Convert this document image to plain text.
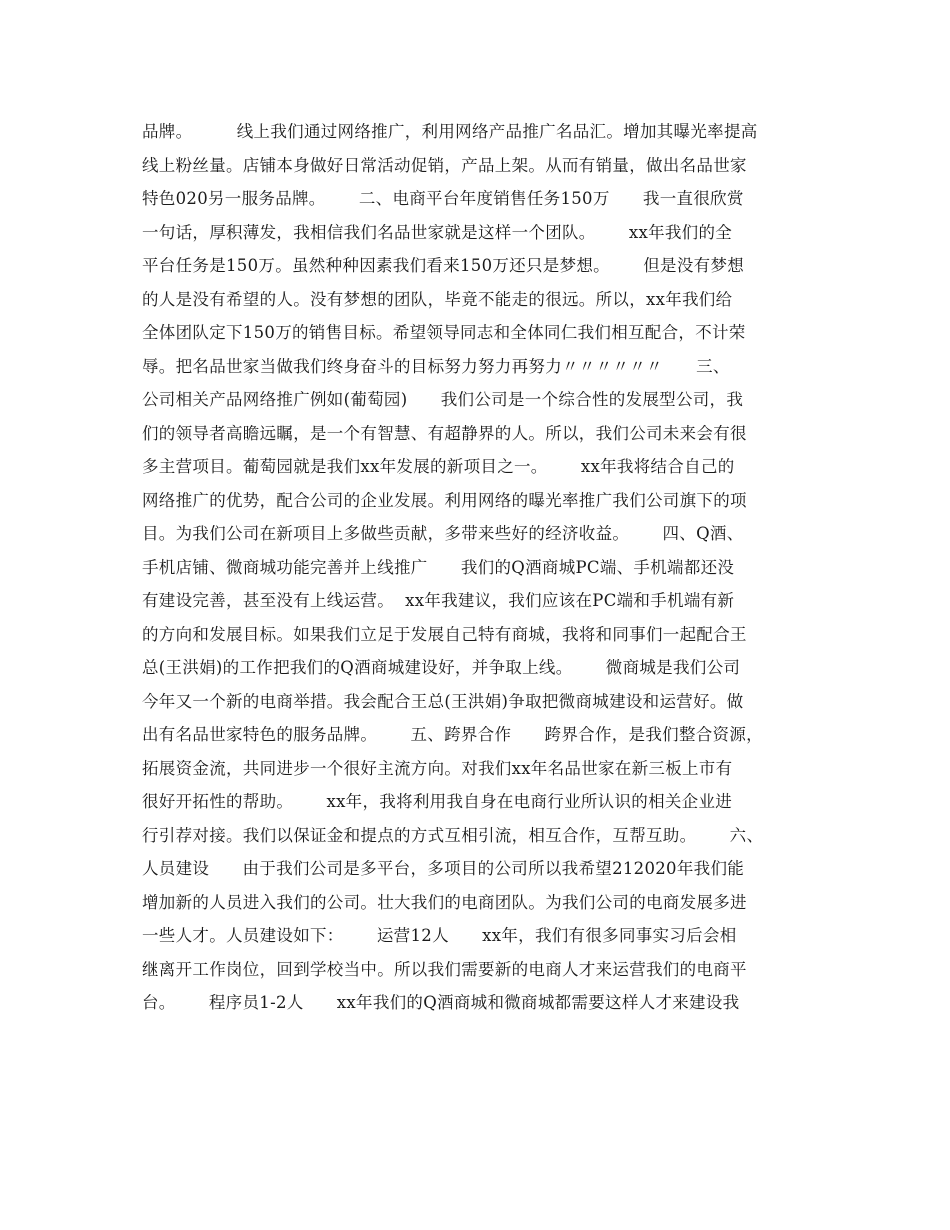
品牌。        线上我们通过网络推广，利用网络产品推广名品汇。增加其曝光率提高
线上粉丝量。店铺本身做好日常活动促销，产品上架。从而有销量，做出名品世家
特色020另一服务品牌。      二、电商平台年度销售任务150万      我一直很欣赏
一句话，厚积薄发，我相信我们名品世家就是这样一个团队。      xx年我们的全
平台任务是150万。虽然种种因素我们看来150万还只是梦想。      但是没有梦想
的人是没有希望的人。没有梦想的团队，毕竟不能走的很远。所以，xx年我们给
全体团队定下150万的销售目标。希望领导同志和全体同仁我们相互配合，不计荣
辱。把名品世家当做我们终身奋斗的目标努力努力再努力〃〃〃〃〃〃      三、
公司相关产品网络推广例如(葡萄园)      我们公司是一个综合性的发展型公司，我
们的领导者高瞻远瞩，是一个有智慧、有超静界的人。所以，我们公司未来会有很
多主营项目。葡萄园就是我们xx年发展的新项目之一。      xx年我将结合自己的
网络推广的优势，配合公司的企业发展。利用网络的曝光率推广我们公司旗下的项
目。为我们公司在新项目上多做些贡献，多带来些好的经济收益。      四、Q酒、
手机店铺、微商城功能完善并上线推广      我们的Q酒商城PC端、手机端都还没
有建设完善，甚至没有上线运营。  xx年我建议，我们应该在PC端和手机端有新
的方向和发展目标。如果我们立足于发展自己特有商城，我将和同事们一起配合王
总(王洪娟)的工作把我们的Q酒商城建设好，并争取上线。      微商城是我们公司
今年又一个新的电商举措。我会配合王总(王洪娟)争取把微商城建设和运营好。做
出有名品世家特色的服务品牌。      五、跨界合作      跨界合作，是我们整合资源，
拓展资金流，共同进步一个很好主流方向。对我们xx年名品世家在新三板上市有
很好开拓性的帮助。      xx年，我将利用我自身在电商行业所认识的相关企业进
行引荐对接。我们以保证金和提点的方式互相引流，相互合作，互帮互助。      六、
人员建设      由于我们公司是多平台，多项目的公司所以我希望212020年我们能
增加新的人员进入我们的公司。壮大我们的电商团队。为我们公司的电商发展多进
一些人才。人员建设如下：      运营12人      xx年，我们有很多同事实习后会相
继离开工作岗位，回到学校当中。所以我们需要新的电商人才来运营我们的电商平
台。      程序员1-2人      xx年我们的Q酒商城和微商城都需要这样人才来建设我
